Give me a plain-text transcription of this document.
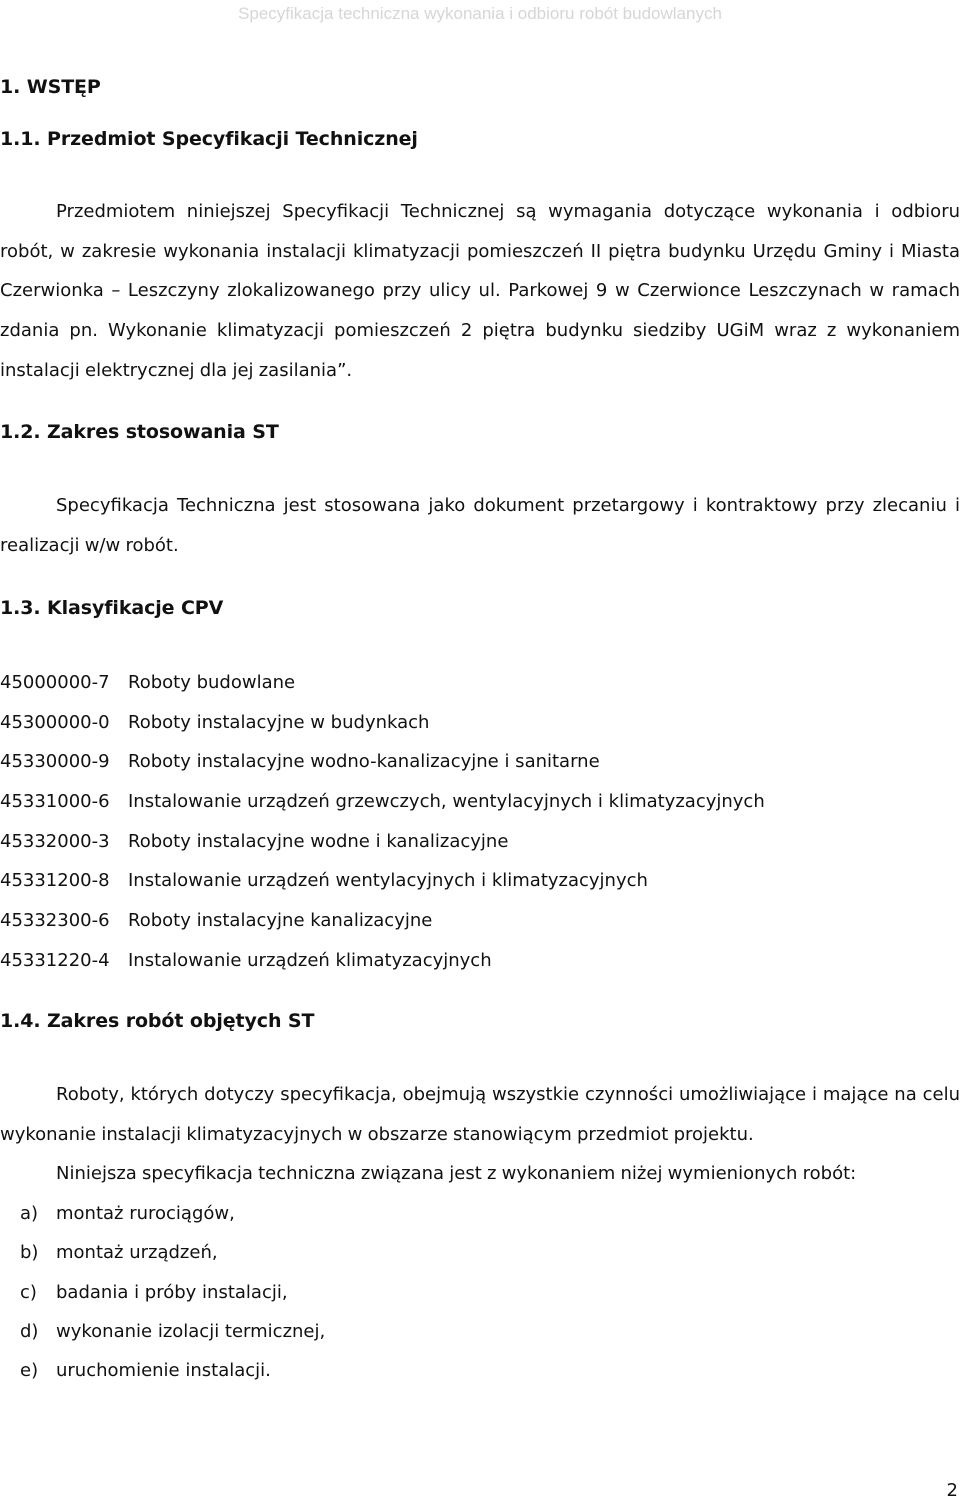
Specyfikacja techniczna wykonania i odbioru robót budowlanych
1. WSTĘP
1.1. Przedmiot Specyfikacji Technicznej

Przedmiotem niniejszej Specyfikacji Technicznej są wymagania dotyczące wykonania i odbioru robót, w zakresie wykonania instalacji klimatyzacji pomieszczeń II piętra budynku Urzędu Gminy i Miasta Czerwionka – Leszczyny zlokalizowanego przy ulicy ul. Parkowej 9 w Czerwionce Leszczynach w ramach zdania pn. Wykonanie klimatyzacji pomieszczeń 2 piętra budynku siedziby UGiM wraz z wykonaniem instalacji elektrycznej dla jej zasilania”.

1.2. Zakres stosowania ST

Specyfikacja Techniczna jest stosowana jako dokument przetargowy i kontraktowy przy zlecaniu i realizacji w/w robót.

1.3. Klasyfikacje CPV
45000000-7 Roboty budowlane
45300000-0 Roboty instalacyjne w budynkach
45330000-9 Roboty instalacyjne wodno-kanalizacyjne i sanitarne
45331000-6 Instalowanie urządzeń grzewczych, wentylacyjnych i klimatyzacyjnych
45332000-3 Roboty instalacyjne wodne i kanalizacyjne
45331200-8 Instalowanie urządzeń wentylacyjnych i klimatyzacyjnych
45332300-6 Roboty instalacyjne kanalizacyjne
45331220-4 Instalowanie urządzeń klimatyzacyjnych
1.4. Zakres robót objętych ST

Roboty, których dotyczy specyfikacja, obejmują wszystkie czynności umożliwiające i mające na celu wykonanie instalacji klimatyzacyjnych w obszarze stanowiącym przedmiot projektu.

Niniejsza specyfikacja techniczna związana jest z wykonaniem niżej wymienionych robót:

a) montaż rurociągów,
b) montaż urządzeń,
c) badania i próby instalacji,
d) wykonanie izolacji termicznej,
e) uruchomienie instalacji.
2
